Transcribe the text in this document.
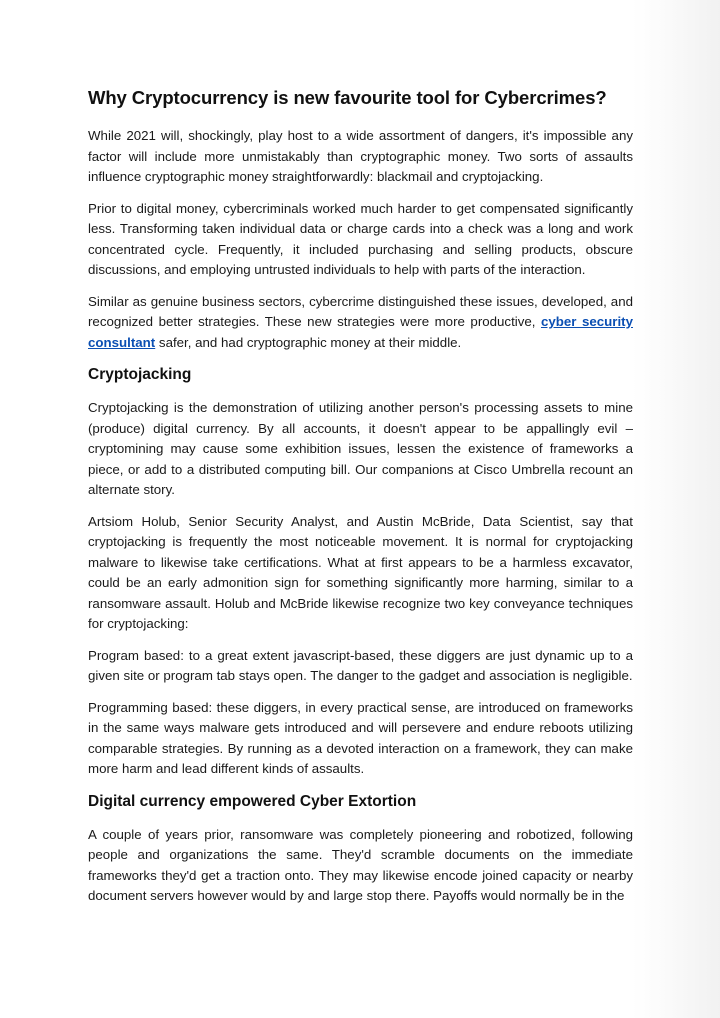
Why Cryptocurrency is new favourite tool for Cybercrimes?

While 2021 will, shockingly, play host to a wide assortment of dangers, it's impossible any factor will include more unmistakably than cryptographic money. Two sorts of assaults influence cryptographic money straightforwardly: blackmail and cryptojacking.

Prior to digital money, cybercriminals worked much harder to get compensated significantly less. Transforming taken individual data or charge cards into a check was a long and work concentrated cycle. Frequently, it included purchasing and selling products, obscure discussions, and employing untrusted individuals to help with parts of the interaction.

Similar as genuine business sectors, cybercrime distinguished these issues, developed, and recognized better strategies. These new strategies were more productive, cyber security consultant safer, and had cryptographic money at their middle.

Cryptojacking

Cryptojacking is the demonstration of utilizing another person's processing assets to mine (produce) digital currency. By all accounts, it doesn't appear to be appallingly evil – cryptomining may cause some exhibition issues, lessen the existence of frameworks a piece, or add to a distributed computing bill. Our companions at Cisco Umbrella recount an alternate story.

Artsiom Holub, Senior Security Analyst, and Austin McBride, Data Scientist, say that cryptojacking is frequently the most noticeable movement. It is normal for cryptojacking malware to likewise take certifications. What at first appears to be a harmless excavator, could be an early admonition sign for something significantly more harming, similar to a ransomware assault. Holub and McBride likewise recognize two key conveyance techniques for cryptojacking:

Program based: to a great extent javascript-based, these diggers are just dynamic up to a given site or program tab stays open. The danger to the gadget and association is negligible.

Programming based: these diggers, in every practical sense, are introduced on frameworks in the same ways malware gets introduced and will persevere and endure reboots utilizing comparable strategies. By running as a devoted interaction on a framework, they can make more harm and lead different kinds of assaults.

Digital currency empowered Cyber Extortion

A couple of years prior, ransomware was completely pioneering and robotized, following people and organizations the same. They'd scramble documents on the immediate frameworks they'd get a traction onto. They may likewise encode joined capacity or nearby document servers however would by and large stop there. Payoffs would normally be in the
